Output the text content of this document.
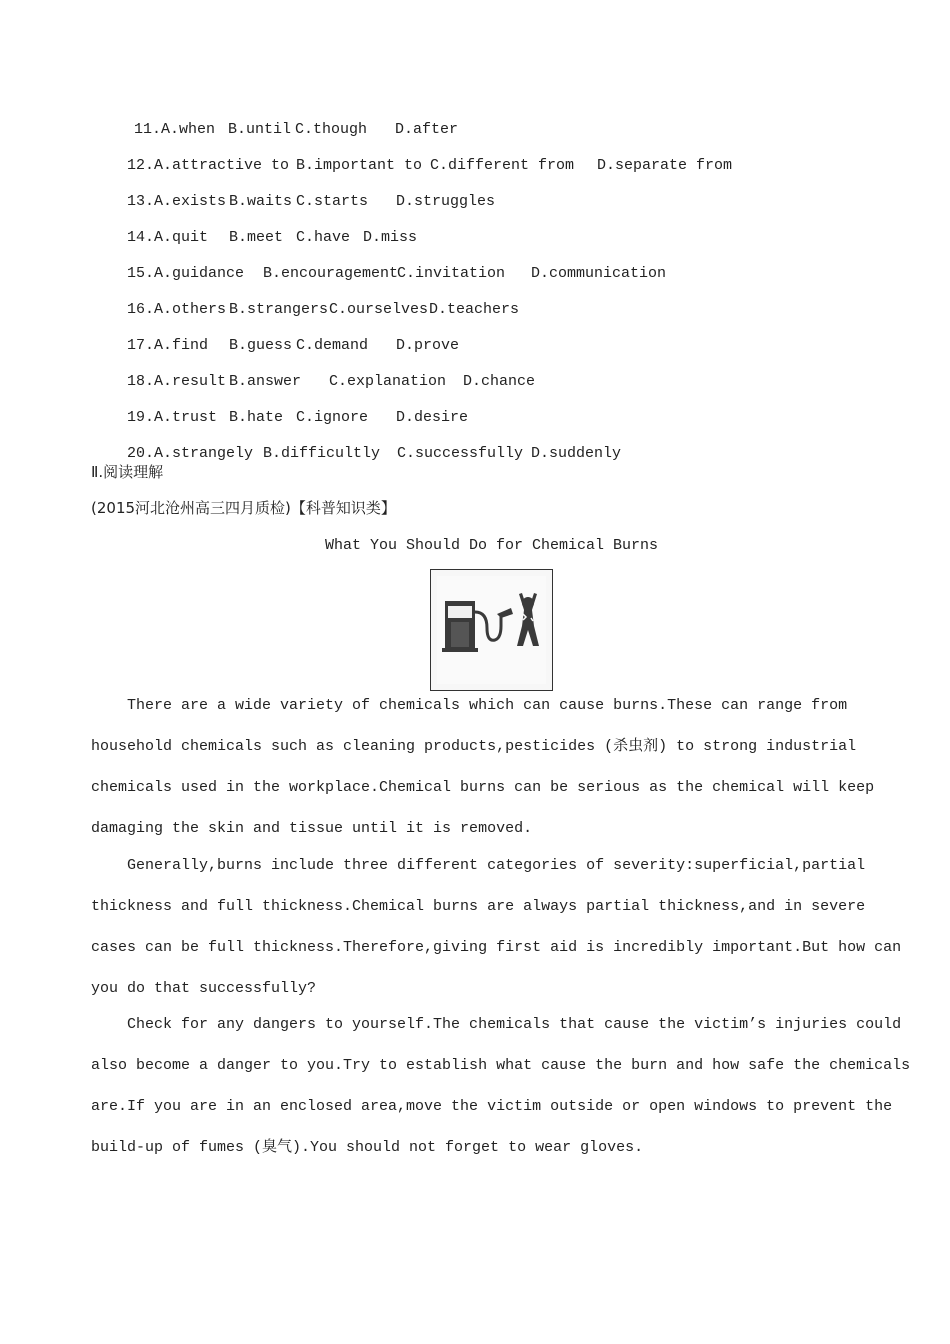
11.A.when B.until C.though D.after

12.A.attractive to B.important to C.different from D.separate from

13.A.exists B.waits C.starts D.struggles

14.A.quit B.meet C.have D.miss

15.A.guidance B.encouragementC.invitation D.communication

16.A.others B.strangersC.ourselvesD.teachers

17.A.find B.guess C.demand D.prove

18.A.result B.answer C.explanation D.chance

19.A.trust B.hate C.ignore D.desire

20.A.strangely B.difficultly C.successfully D.suddenly

Ⅱ.阅读理解
(2015河北沧州高三四月质检)【科普知识类】
What You Should Do for Chemical Burns
There are a wide variety of chemicals which can cause burns.These can range from
household chemicals such as cleaning products,pesticides (杀虫剂) to strong industrial
chemicals used in the workplace.Chemical burns can be serious as the chemical will keep
damaging the skin and tissue until it is removed.
Generally,burns include three different categories of severity:superficial,partial
thickness and full thickness.Chemical burns are always partial thickness,and in severe
cases can be full thickness.Therefore,giving first aid is incredibly important.But how can
you do that successfully?
Check for any dangers to yourself.The chemicals that cause the victim’s injuries could
also become a danger to you.Try to establish what cause the burn and how safe the chemicals
are.If you are in an enclosed area,move the victim outside or open windows to prevent the
build-up of fumes (臭气).You should not forget to wear gloves.
